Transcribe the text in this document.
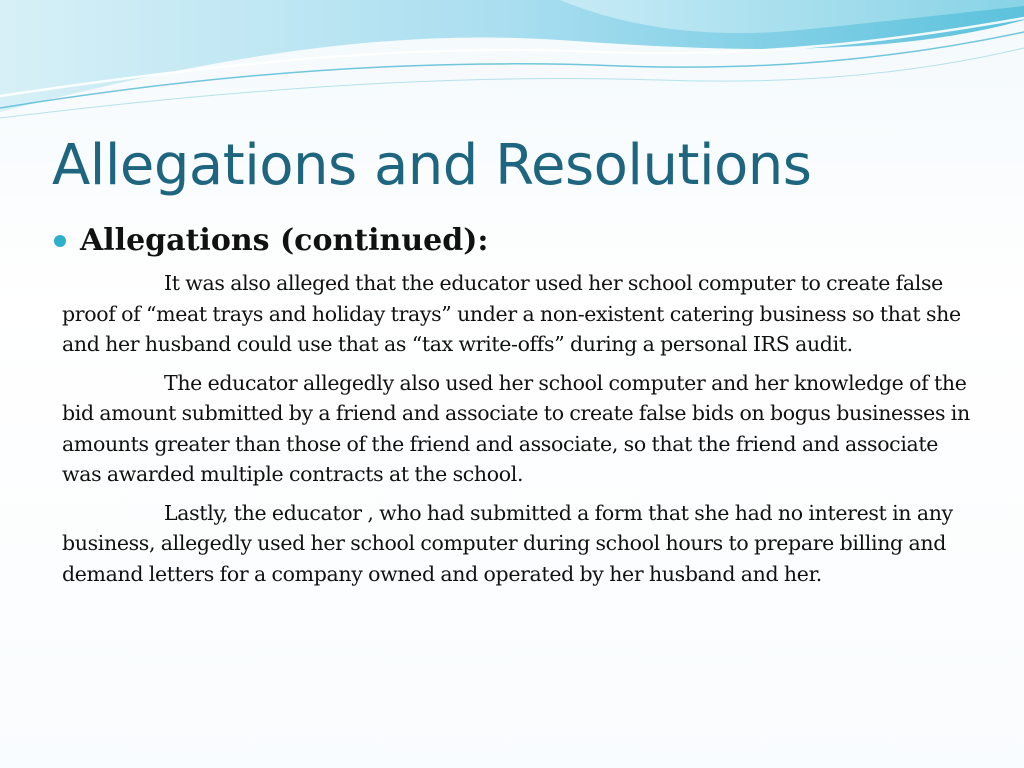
Allegations and Resolutions
Allegations (continued):

It was also alleged that the educator used her school computer to create false proof of “meat trays and holiday trays” under a non-existent catering business so that she and her husband could use that as “tax write-offs” during a personal IRS audit.

The educator allegedly also used her school computer and her knowledge of the bid amount submitted by a friend and associate to create false bids on bogus businesses in amounts greater than those of the friend and associate, so that the friend and associate was awarded multiple contracts at the school.

Lastly, the educator , who had submitted a form that she had no interest in any business, allegedly used her school computer during school hours to prepare billing and demand letters for a company owned and operated by her husband and her.
